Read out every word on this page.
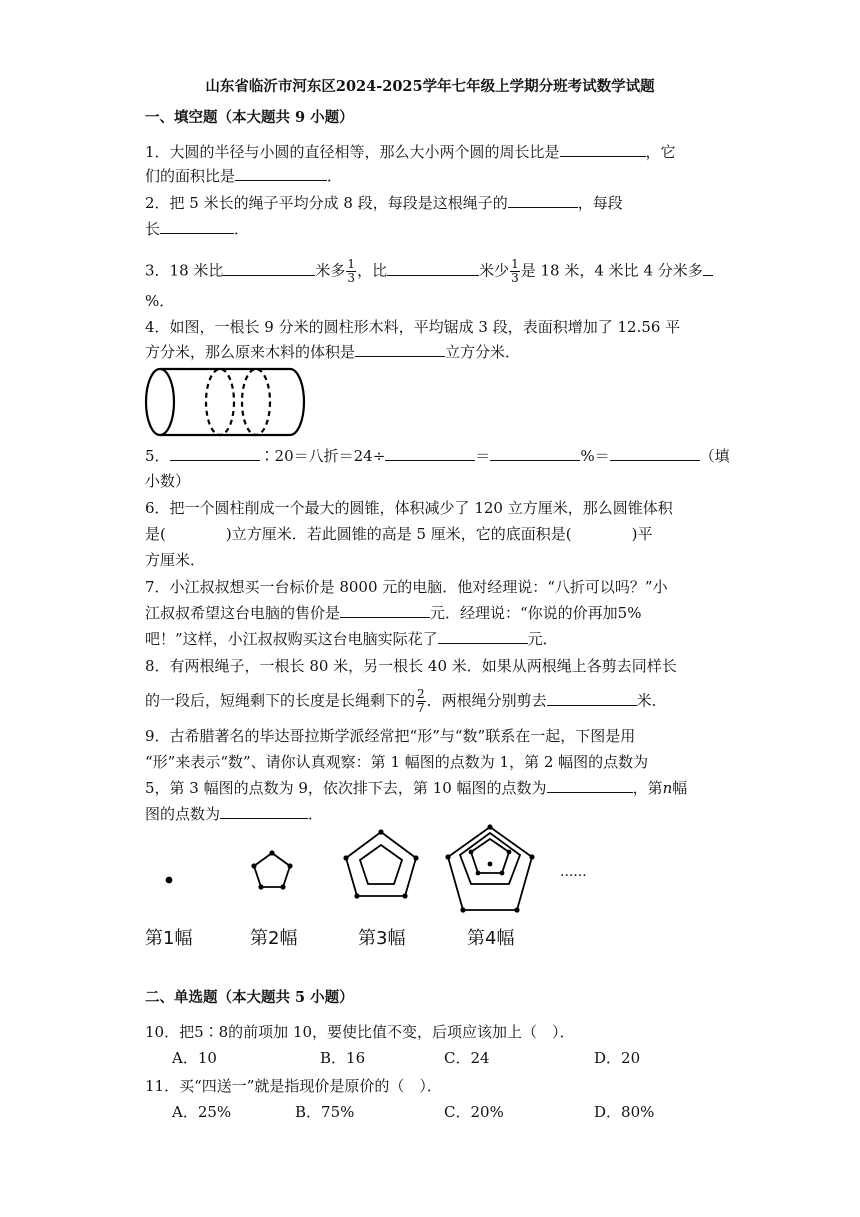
山东省临沂市河东区2024-2025学年七年级上学期分班考试数学试题
一、填空题（本大题共 9 小题）
1．大圆的半径与小圆的直径相等，那么大小两个圆的周长比是	，它
们的面积比是	．
2．把 5 米长的绳子平均分成 8 段，每段是这根绳子的	，每段
长	．
3．18 米比	米多 $\frac{1}{3}$ ，比	米少 $\frac{1}{3}$ 是 18 米，4 米比 4 分米多
%．
4．如图，一根长 9 分米的圆柱形木料，平均锯成 3 段，表面积增加了 12.56 平
方分米，那么原来木料的体积是	立方分米．
5．	∶20＝八折＝24÷	＝	%＝	（填
小数）
6．把一个圆柱削成一个最大的圆锥，体积减少了 120 立方厘米，那么圆锥体积
是(　　　　)立方厘米．若此圆锥的高是 5 厘米，它的底面积是(　　　　)平
方厘米．
7．小江叔叔想买一台标价是 8000 元的电脑．他对经理说：“八折可以吗？”小
江叔叔希望这台电脑的售价是	元．经理说：“你说的价再加5%
吧！”这样，小江叔叔购买这台电脑实际花了	元．
8．有两根绳子，一根长 80 米，另一根长 40 米．如果从两根绳上各剪去同样长
的一段后，短绳剩下的长度是长绳剩下的 $\frac{2}{7}$ ．两根绳分别剪去	米．
9．古希腊著名的毕达哥拉斯学派经常把“形”与“数”联系在一起，下图是用
“形”来表示“数”、请你认真观察：第 1 幅图的点数为 1，第 2 幅图的点数为
5，第 3 幅图的点数为 9，依次排下去，第 10 幅图的点数为	，第n幅
图的点数为	．
......
第1幅	第2幅	第3幅	第4幅
二、单选题（本大题共 5 小题）
10．把5∶8的前项加 10，要使比值不变，后项应该加上（　）．
A．10	B．16	C．24	D．20
11．买“四送一”就是指现价是原价的（　）．
A．25%	B．75%	C．20%	D．80%
